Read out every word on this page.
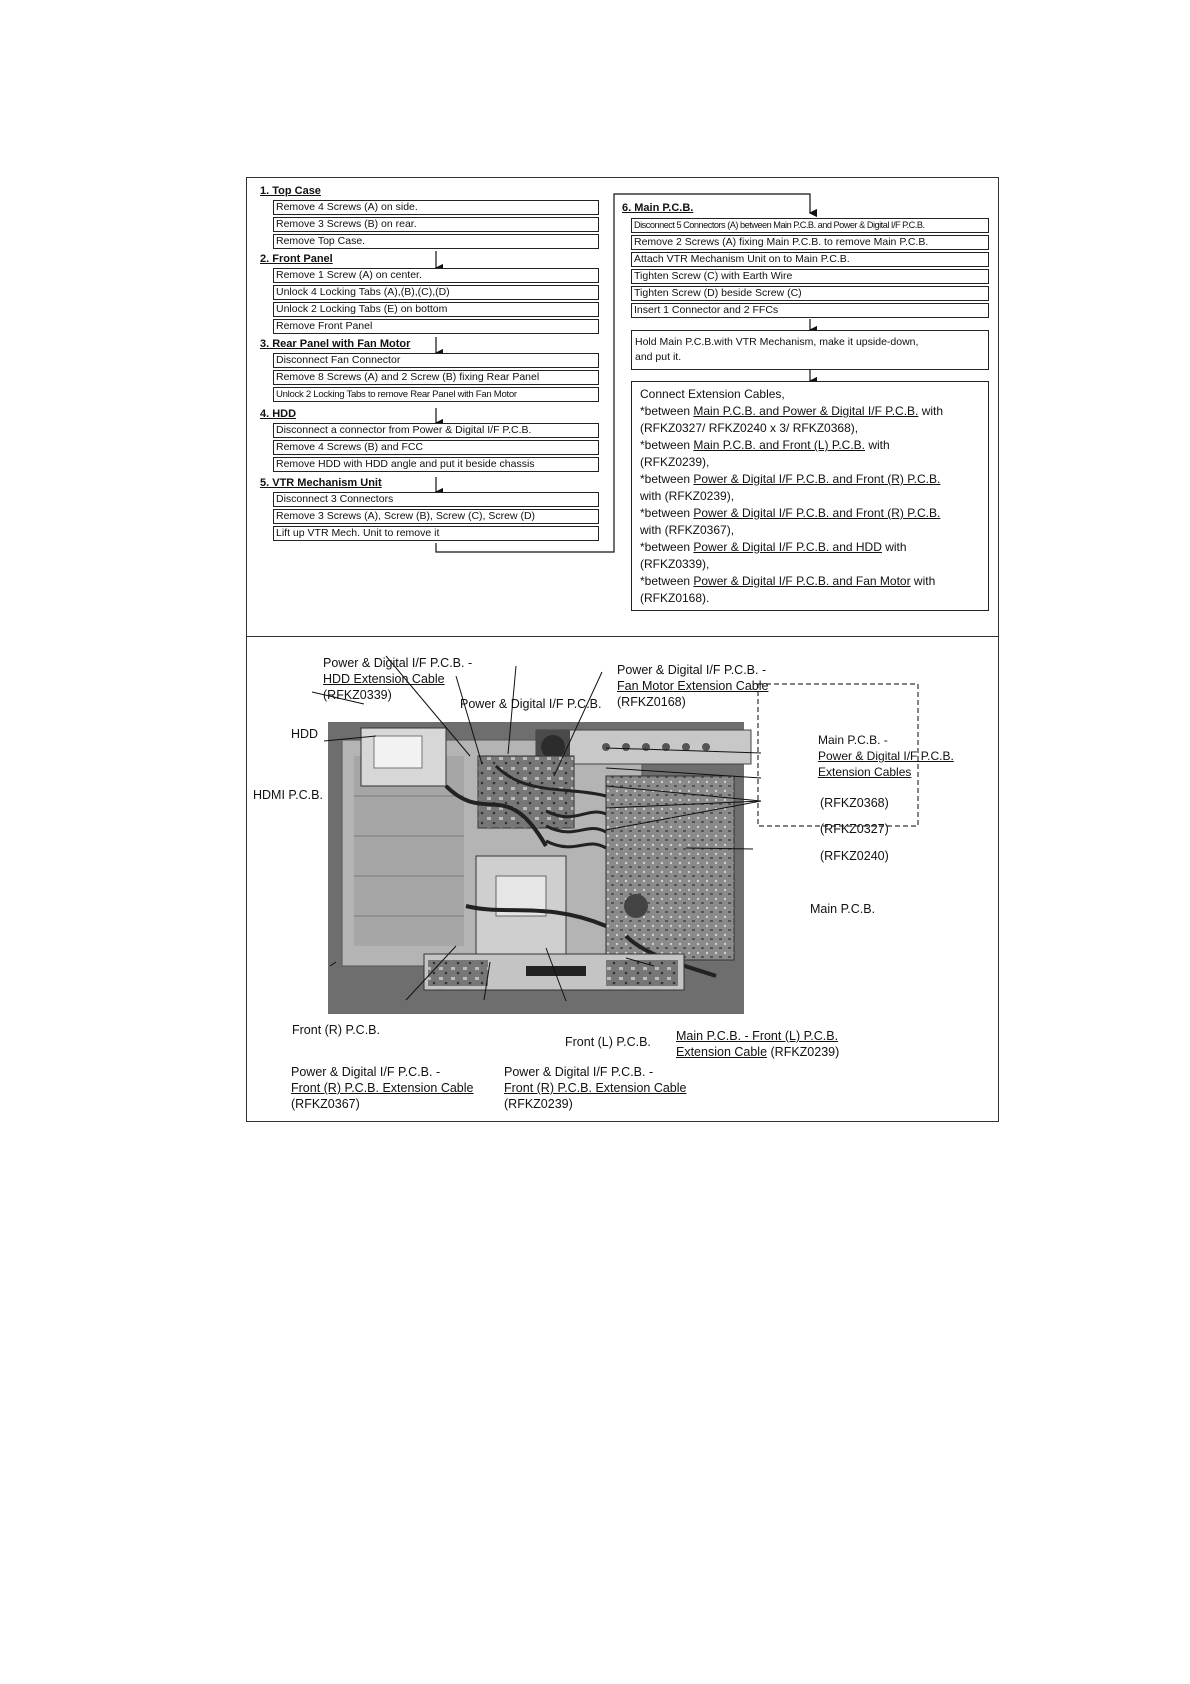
1. Top Case
Remove 4 Screws (A) on side.
Remove 3 Screws (B) on rear.
Remove Top Case.
2. Front Panel
Remove 1 Screw (A) on center.
Unlock 4 Locking Tabs (A),(B),(C),(D)
Unlock 2 Locking Tabs (E) on bottom
Remove Front Panel
3. Rear Panel with Fan Motor
Disconnect Fan Connector
Remove 8 Screws (A) and 2 Screw (B) fixing Rear Panel
Unlock 2 Locking Tabs to remove Rear Panel with Fan Motor
4. HDD
Disconnect a connector from Power & Digital I/F P.C.B.
Remove 4 Screws (B) and FCC
Remove HDD with HDD angle and put it beside chassis
5. VTR Mechanism Unit
Disconnect 3 Connectors
Remove 3 Screws (A), Screw (B), Screw (C), Screw (D)
Lift up VTR Mech. Unit to remove it
6. Main P.C.B.
Disconnect 5 Connectors (A) between Main P.C.B. and Power & Digital I/F P.C.B.
Remove 2 Screws (A) fixing Main P.C.B. to remove Main P.C.B.
Attach VTR Mechanism Unit on to Main P.C.B.
Tighten Screw (C) with Earth Wire
Tighten Screw (D) beside Screw (C)
Insert 1 Connector and 2 FFCs
Hold Main P.C.B.with VTR Mechanism, make it upside-down,
and put it.
Connect Extension Cables,
*between Main P.C.B. and Power & Digital I/F P.C.B. with
(RFKZ0327/ RFKZ0240 x 3/ RFKZ0368),
*between Main P.C.B. and Front (L) P.C.B. with
(RFKZ0239),
*between Power & Digital I/F P.C.B. and Front (R) P.C.B.
with (RFKZ0239),
*between Power & Digital I/F P.C.B. and Front (R) P.C.B.
with (RFKZ0367),
*between Power & Digital I/F P.C.B. and HDD with
(RFKZ0339),
*between Power & Digital I/F P.C.B. and Fan Motor with
(RFKZ0168).
Power & Digital I/F P.C.B. -
HDD Extension Cable
(RFKZ0339)
Power & Digital I/F P.C.B.
Power & Digital I/F P.C.B. -
Fan Motor Extension Cable
(RFKZ0168)
HDD
HDMI P.C.B.
Main P.C.B. -
Power & Digital I/F P.C.B.
Extension Cables
(RFKZ0368)
(RFKZ0327)
(RFKZ0240)
Main P.C.B.
Front (R) P.C.B.
Front (L) P.C.B. Main P.C.B. - Front (L) P.C.B.
Extension Cable (RFKZ0239)
Power & Digital I/F P.C.B. -
Front (R) P.C.B. Extension Cable
(RFKZ0367)
Power & Digital I/F P.C.B. -
Front (R) P.C.B. Extension Cable
(RFKZ0239)
